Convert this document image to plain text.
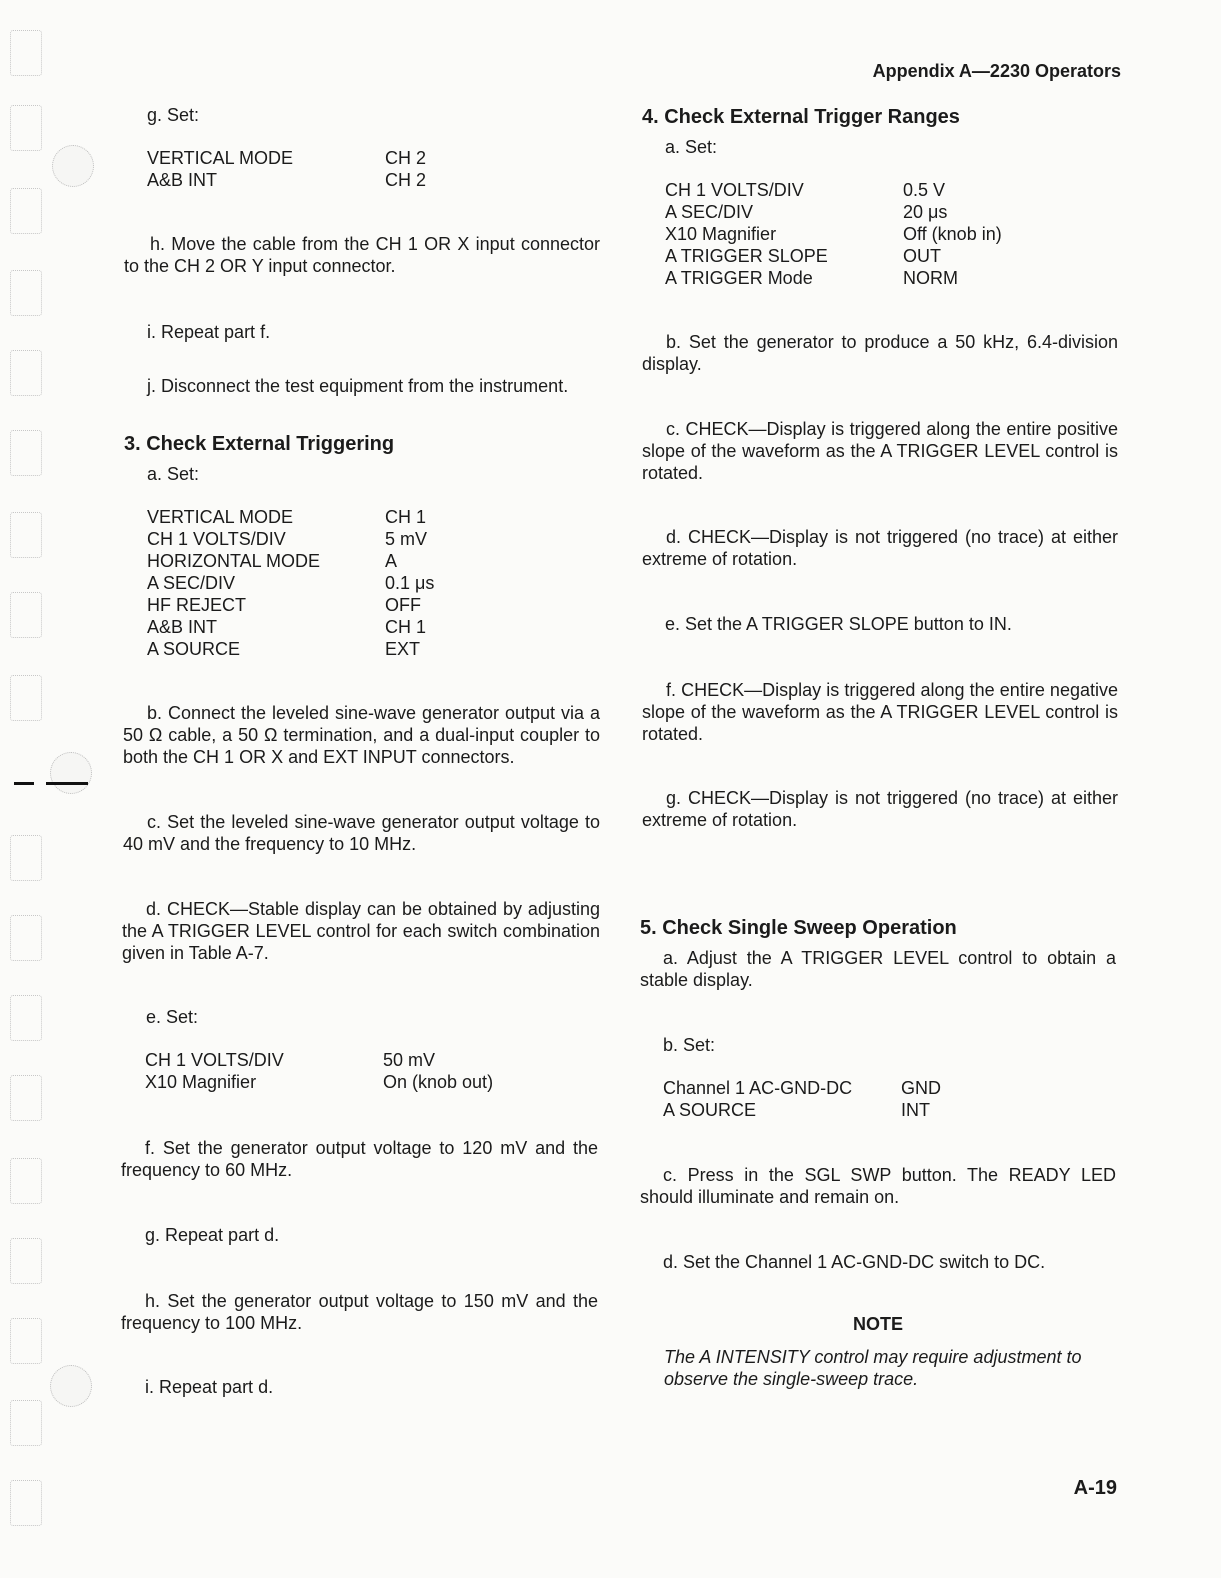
Appendix A—2230 Operators
A-19
g. Set:
VERTICAL MODE	CH 2
A&B INT	CH 2
h. Move the cable from the CH 1 OR X input connector to the CH 2 OR Y input connector.
i. Repeat part f.
j. Disconnect the test equipment from the instrument.
3. Check External Triggering
a. Set:
VERTICAL MODE	CH 1
CH 1 VOLTS/DIV	5 mV
HORIZONTAL MODE	A
A SEC/DIV	0.1 μs
HF REJECT	OFF
A&B INT	CH 1
A SOURCE	EXT
b. Connect the leveled sine-wave generator output via a 50 Ω cable, a 50 Ω termination, and a dual-input coupler to both the CH 1 OR X and EXT INPUT connectors.
c. Set the leveled sine-wave generator output voltage to 40 mV and the frequency to 10 MHz.
d. CHECK—Stable display can be obtained by adjusting the A TRIGGER LEVEL control for each switch combination given in Table A-7.
e. Set:
CH 1 VOLTS/DIV	50 mV
X10 Magnifier	On (knob out)
f. Set the generator output voltage to 120 mV and the frequency to 60 MHz.
g. Repeat part d.
h. Set the generator output voltage to 150 mV and the frequency to 100 MHz.
i. Repeat part d.
4. Check External Trigger Ranges
a. Set:
CH 1 VOLTS/DIV	0.5 V
A SEC/DIV	20 μs
X10 Magnifier	Off (knob in)
A TRIGGER SLOPE	OUT
A TRIGGER Mode	NORM
b. Set the generator to produce a 50 kHz, 6.4-division display.
c. CHECK—Display is triggered along the entire positive slope of the waveform as the A TRIGGER LEVEL control is rotated.
d. CHECK—Display is not triggered (no trace) at either extreme of rotation.
e. Set the A TRIGGER SLOPE button to IN.
f. CHECK—Display is triggered along the entire negative slope of the waveform as the A TRIGGER LEVEL control is rotated.
g. CHECK—Display is not triggered (no trace) at either extreme of rotation.
5. Check Single Sweep Operation
a. Adjust the A TRIGGER LEVEL control to obtain a stable display.
b. Set:
Channel 1 AC-GND-DC	GND
A SOURCE	INT
c. Press in the SGL SWP button. The READY LED should illuminate and remain on.
d. Set the Channel 1 AC-GND-DC switch to DC.
NOTE
The A INTENSITY control may require adjustment to observe the single-sweep trace.
